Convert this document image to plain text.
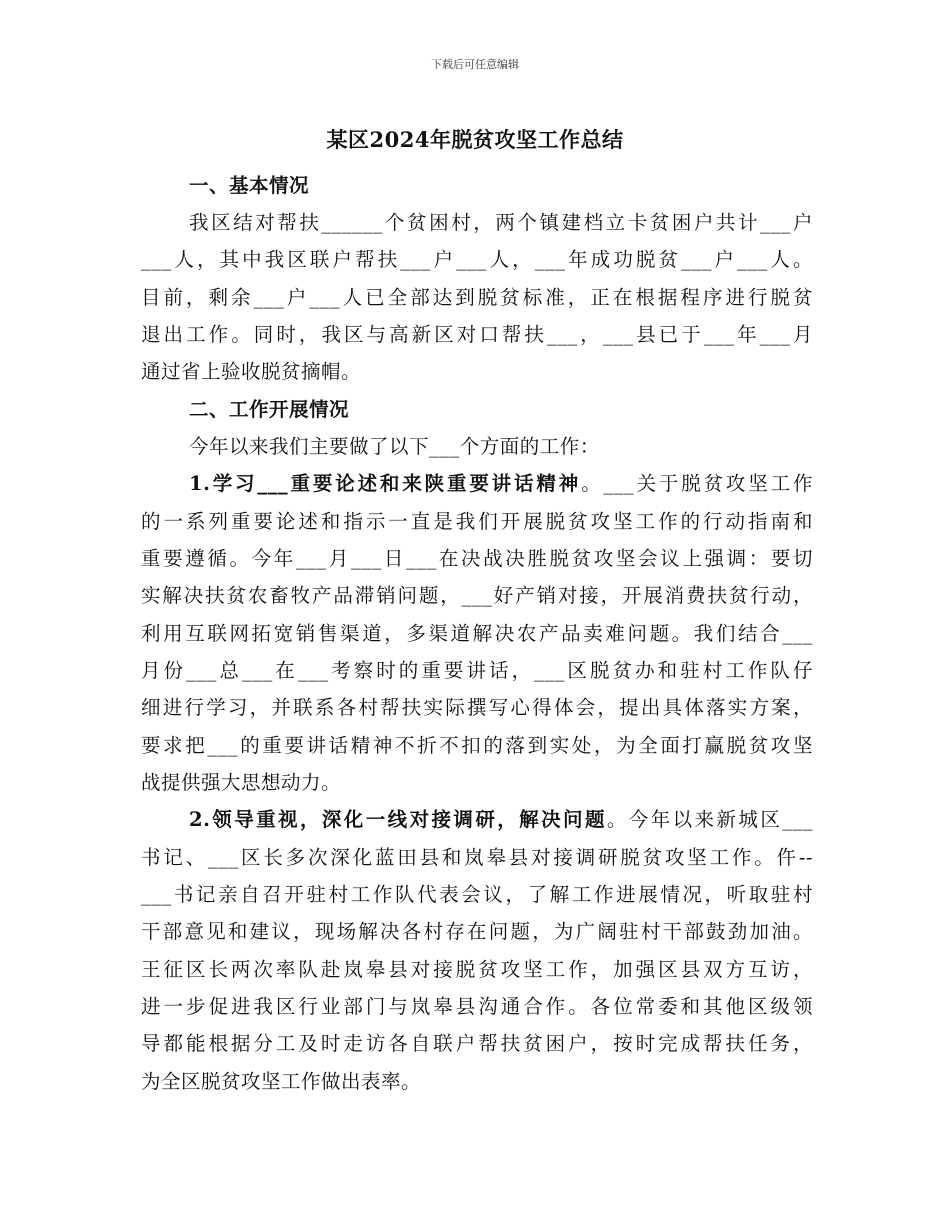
下载后可任意编辑
某区2024年脱贫攻坚工作总结
一、基本情况
我区结对帮扶______个贫困村，两个镇建档立卡贫困户共计___户
___人，其中我区联户帮扶___户___人，___年成功脱贫___户___人。
目前，剩余___户___人已全部达到脱贫标准，正在根据程序进行脱贫
退出工作。同时，我区与高新区对口帮扶___，___县已于___年___月
通过省上验收脱贫摘帽。
二、工作开展情况
今年以来我们主要做了以下___个方面的工作：
1.学习___重要论述和来陕重要讲话精神。___关于脱贫攻坚工作
的一系列重要论述和指示一直是我们开展脱贫攻坚工作的行动指南和
重要遵循。今年___月___日___在决战决胜脱贫攻坚会议上强调：要切
实解决扶贫农畜牧产品滞销问题，___好产销对接，开展消费扶贫行动，
利用互联网拓宽销售渠道，多渠道解决农产品卖难问题。我们结合___
月份___总___在___考察时的重要讲话，___区脱贫办和驻村工作队仔
细进行学习，并联系各村帮扶实际撰写心得体会，提出具体落实方案，
要求把___的重要讲话精神不折不扣的落到实处，为全面打赢脱贫攻坚
战提供强大思想动力。
2.领导重视，深化一线对接调研，解决问题。今年以来新城区___
书记、___区长多次深化蓝田县和岚皋县对接调研脱贫攻坚工作。仵--
___书记亲自召开驻村工作队代表会议，了解工作进展情况，听取驻村
干部意见和建议，现场解决各村存在问题，为广阔驻村干部鼓劲加油。
王征区长两次率队赴岚皋县对接脱贫攻坚工作，加强区县双方互访，
进一步促进我区行业部门与岚皋县沟通合作。各位常委和其他区级领
导都能根据分工及时走访各自联户帮扶贫困户，按时完成帮扶任务，
为全区脱贫攻坚工作做出表率。
